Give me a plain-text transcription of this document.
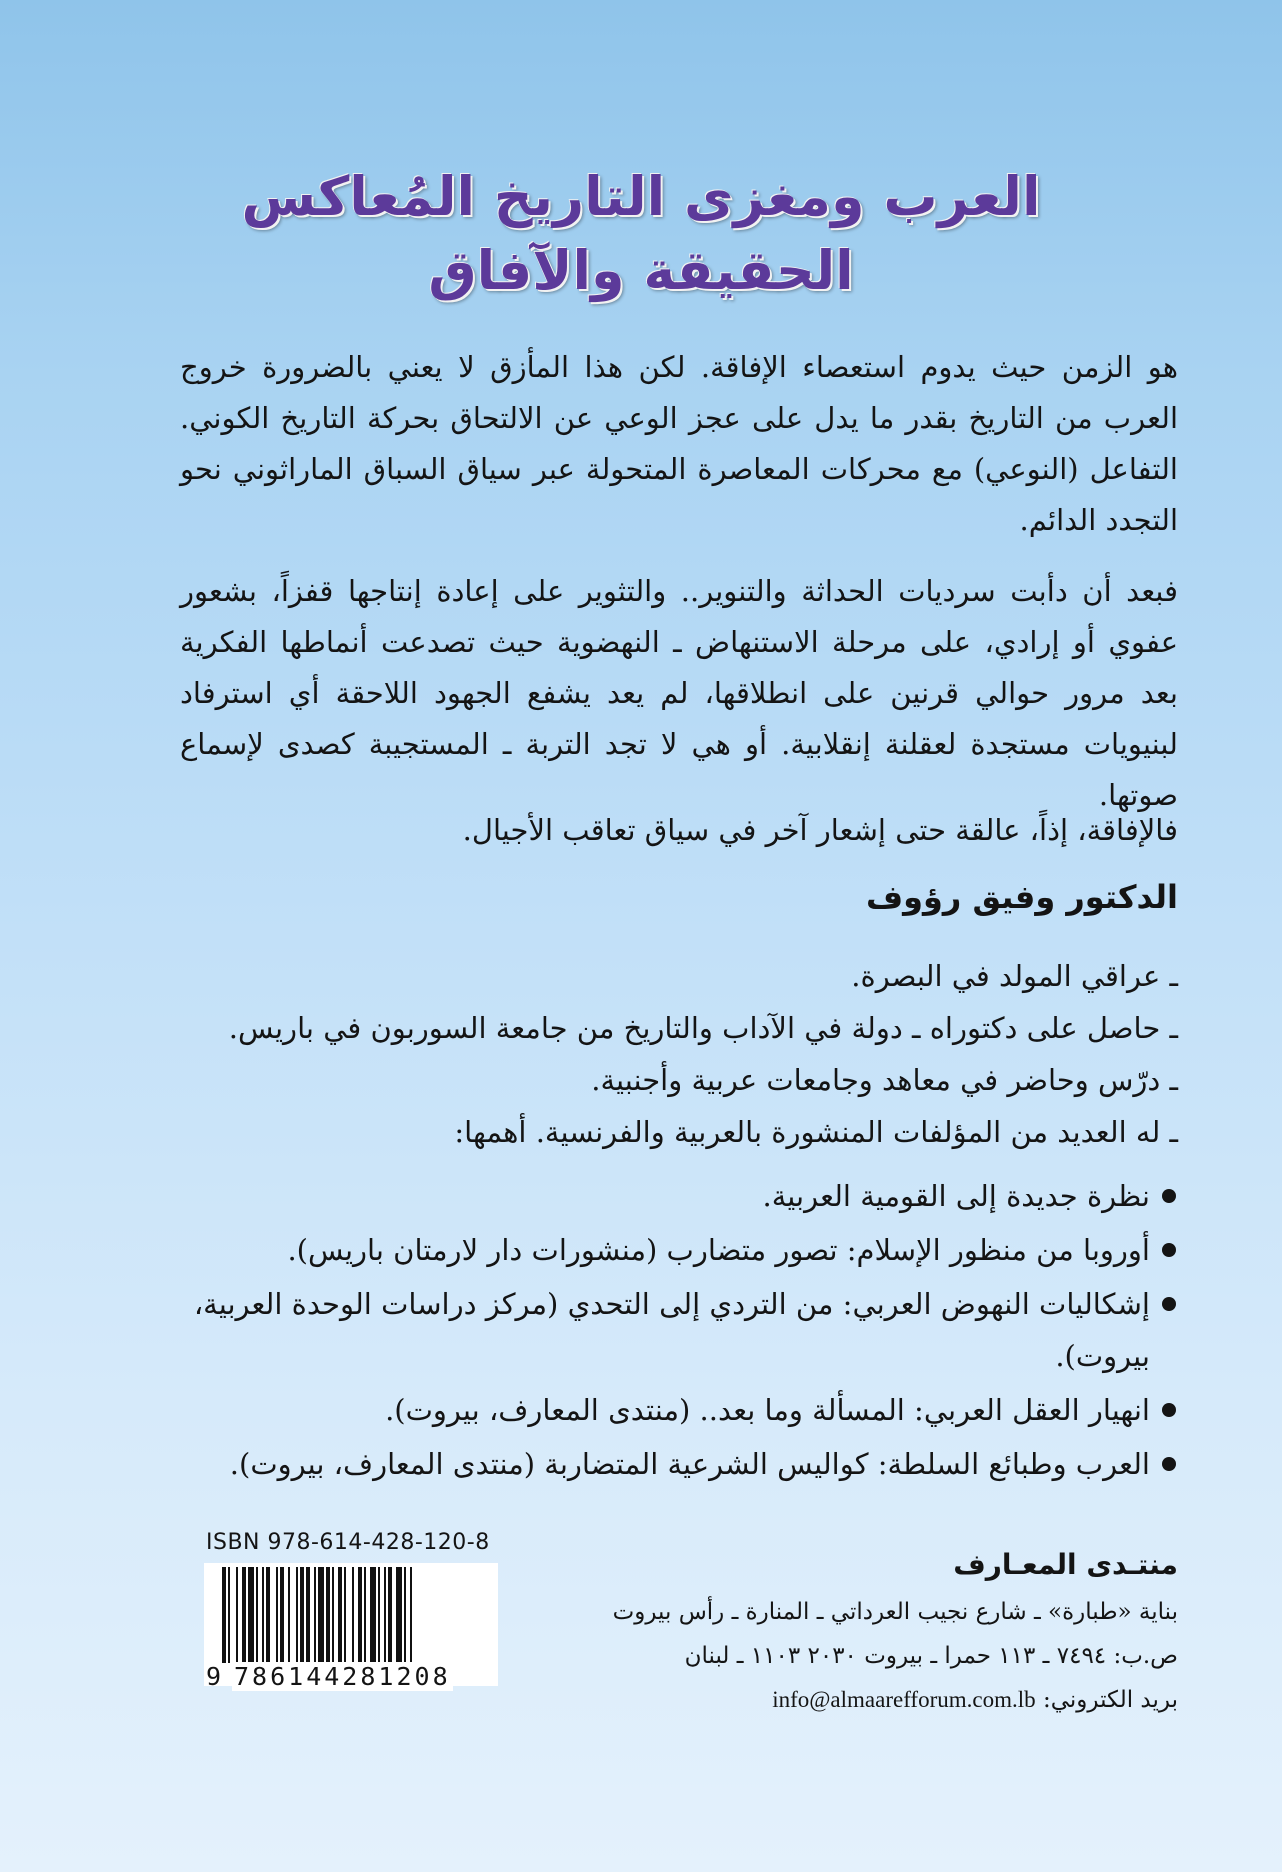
العرب ومغزى التاريخ المُعاكس
الحقيقة والآفاق

هو الزمن حيث يدوم استعصاء الإفاقة. لكن هذا المأزق لا يعني بالضرورة خروج العرب من التاريخ بقدر ما يدل على عجز الوعي عن الالتحاق بحركة التاريخ الكوني. التفاعل (النوعي) مع محركات المعاصرة المتحولة عبر سياق السباق الماراثوني نحو التجدد الدائم.

فبعد أن دأبت سرديات الحداثة والتنوير.. والتثوير على إعادة إنتاجها قفزاً، بشعور عفوي أو إرادي، على مرحلة الاستنهاض ـ النهضوية حيث تصدعت أنماطها الفكرية بعد مرور حوالي قرنين على انطلاقها، لم يعد يشفع الجهود اللاحقة أي استرفاد لبنيويات مستجدة لعقلنة إنقلابية. أو هي لا تجد التربة ـ المستجيبة كصدى لإسماع صوتها.

فالإفاقة، إذاً، عالقة حتى إشعار آخر في سياق تعاقب الأجيال.

الدكتور وفيق رؤوف
ـ عراقي المولد في البصرة.
ـ حاصل على دكتوراه ـ دولة في الآداب والتاريخ من جامعة السوربون في باريس.
ـ درّس وحاضر في معاهد وجامعات عربية وأجنبية.
ـ له العديد من المؤلفات المنشورة بالعربية والفرنسية. أهمها:
نظرة جديدة إلى القومية العربية.
أوروبا من منظور الإسلام: تصور متضارب (منشورات دار لارمتان باريس).
إشكاليات النهوض العربي: من التردي إلى التحدي (مركز دراسات الوحدة العربية، بيروت).
انهيار العقل العربي: المسألة وما بعد.. (منتدى المعارف، بيروت).
العرب وطبائع السلطة: كواليس الشرعية المتضاربة (منتدى المعارف، بيروت).
ISBN 978-614-428-120-8
9 786144281208
منتـدى المعـارف
بناية «طبارة» ـ شارع نجيب العرداتي ـ المنارة ـ رأس بيروت
ص.ب: ٧٤٩٤ ـ ١١٣ حمرا ـ بيروت ٢٠٣٠ ١١٠٣ ـ لبنان
بريد الكتروني: info@almaarefforum.com.lb
